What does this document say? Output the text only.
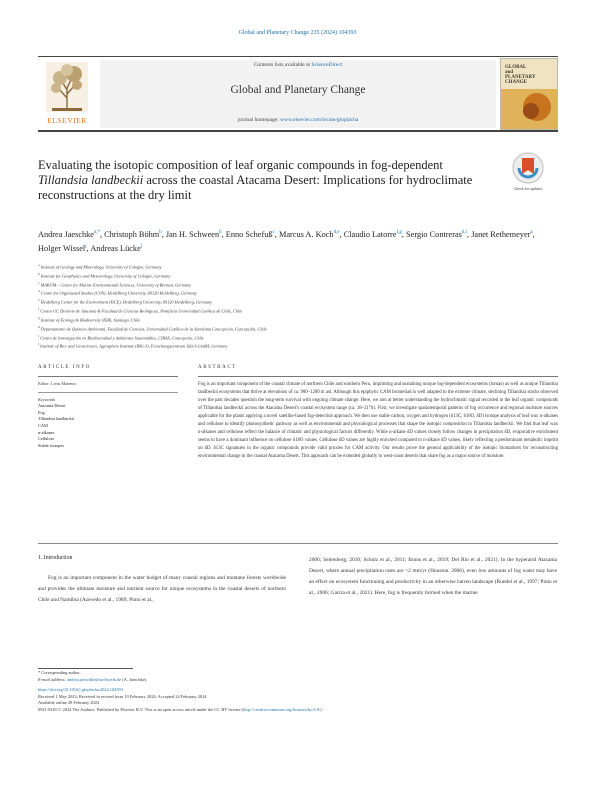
Global and Planetary Change 235 (2024) 104393
ELSEVIER
Contents lists available at ScienceDirect
Global and Planetary Change
journal homepage: www.elsevier.com/locate/gloplacha
GLOBAL and PLANETARY CHANGE
Check for updates
Evaluating the isotopic composition of leaf organic compounds in fog-dependent Tillandsia landbeckii across the coastal Atacama Desert: Implications for hydroclimate reconstructions at the dry limit
Andrea Jaeschke$^{a,*}$, Christoph Böhm$^b$, Jan H. Schween$^b$, Enno Schefuß$^c$, Marcus A. Koch$^{d,e}$, Claudio Latorre$^{f,g}$, Sergio Contreras$^{h,i}$, Janet Rethemeyer$^a$, Holger Wissel$^j$, Andreas Lücke$^j$
$^a$ Institute of Geology and Mineralogy, University of Cologne, Germany
$^b$ Institute for Geophysics and Meteorology, University of Cologne, Germany
$^c$ MARUM – Center for Marine Environmental Sciences, University of Bremen, Germany
$^d$ Centre for Organismal Studies (COS), Heidelberg University, 69120 Heidelberg, Germany
$^e$ Heidelberg Center for the Environment (HCE), Heidelberg University, 69120 Heidelberg, Germany
$^f$ Centro UC Desierto de Atacama & Facultad de Ciencias Biológicas, Pontificia Universidad Católica de Chile, Chile
$^g$ Institute of Ecology & Biodiversity (IEB), Santiago, Chile
$^h$ Departamento de Química Ambiental, Facultad de Ciencias, Universidad Católica de la Santísima Concepción, Concepción, Chile
$^i$ Centro de Investigación en Biodiversidad y Ambientes Sustentables, CIBAS, Concepción, Chile
$^j$ Institute of Bio- and Geosciences, Agrosphere Institute (IBG-3), Forschungszentrum Jülich GmbH, Germany
ARTICLE INFO
Editor: Liviu Matenco
Keywords
Atacama Desert
Fog
Tillandsia landbeckii
CAM
n-alkanes
Cellulose
Stable isotopes
ABSTRACT
Fog is an important component of the coastal climate of northern Chile and southern Peru, imprinting and sustaining unique fog-dependent ecosystems (lomas) as well as unique Tillandsia landbeckii ecosystems that thrive at elevations of ca. 900–1200 m asl. Although this epiphytic CAM bromeliad is well adapted to the extreme climate, declining Tillandsia stocks observed over the past decades question the long-term survival with ongoing climate change. Here, we aim at better understanding the hydroclimatic signal recorded in the leaf organic compounds of Tillandsia landbeckii across the Atacama Desert's coastal ecosystem range (ca. 18–21°S). First, we investigate spatiotemporal patterns of fog occurrence and regional moisture sources applicable for the plants applying a novel satellite-based fog-detection approach. We then use stable carbon, oxygen and hydrogen (δ13C, δ18O, δD) isotope analysis of leaf wax n-alkanes and cellulose to identify photosynthetic pathway as well as environmental and physiological processes that shape the isotopic composition in Tillandsia landbeckii. We find that leaf wax n-alkanes and cellulose reflect the balance of climatic and physiological factors differently. While n-alkane δD values closely follow changes in precipitation δD, evaporative enrichment seems to have a dominant influence on cellulose δ18O values. Cellulose δD values are highly enriched compared to n-alkane δD values, likely reflecting a predominant metabolic imprint on δD. δ13C signatures in the organic compounds provide valid proxies for CAM activity. Our results prove the general applicability of the isotopic biomarkers for reconstructing environmental change in the coastal Atacama Desert. This approach can be extended globally to west-coast deserts that share fog as a major source of moisture.
1. Introduction
Fog is an important component in the water budget of many coastal regions and montane forests worldwide and provides the ultimate moisture and nutrient source for unique ecosystems in the coastal deserts of northern Chile and Namibia (Azevedo et al., 1989; Pinto et al.,
2006; Seitenberg, 2010; Schulz et al., 2011; Bruns et al., 2019; Del Río et al., 2021). In the hyperarid Atacama Desert, where annual precipitation rates are <2 mm/yr (Houston, 2006), even low amounts of fog water may have an effect on ecosystem functioning and productivity in an otherwise barren landscape (Rundel et al., 1997; Pinto et al., 2006; García et al., 2021). Here, fog is frequently formed when the marine
* Corresponding author.
E-mail address: andrea.jaeschke@uni-koeln.de (A. Jaeschke).
https://doi.org/10.1016/j.gloplacha.2024.104393
Received 1 May 2023; Received in revised form 19 February 2024; Accepted 24 February 2024
Available online 28 February 2024
0921-8181/© 2024 The Authors. Published by Elsevier B.V. This is an open access article under the CC BY license (http://creativecommons.org/licenses/by/4.0/).
